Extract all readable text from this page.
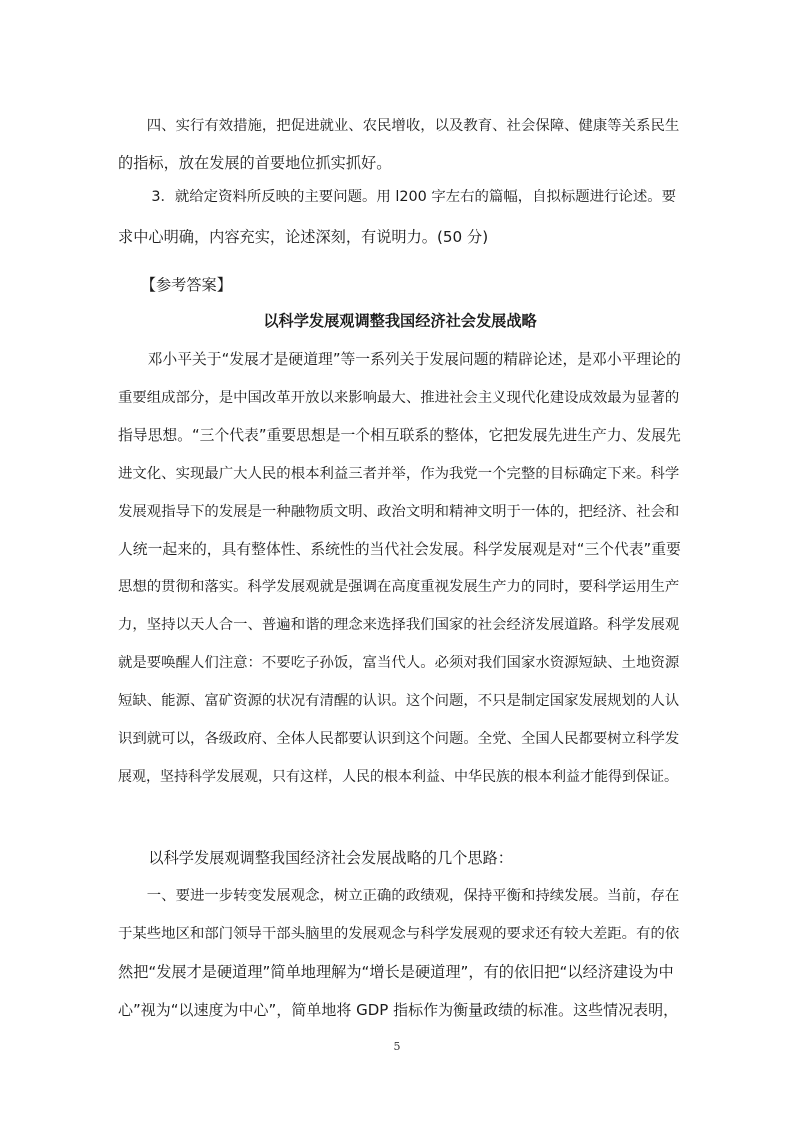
　　四、实行有效措施，把促进就业、农民增收，以及教育、社会保障、健康等关系民生
的指标，放在发展的首要地位抓实抓好。
　　 3．就给定资料所反映的主要问题。用 l200 字左右的篇幅，自拟标题进行论述。要
求中心明确，内容充实，论述深刻，有说明力。(50 分)
　　【参考答案】
以科学发展观调整我国经济社会发展战略
　　邓小平关于“发展才是硬道理”等一系列关于发展问题的精辟论述，是邓小平理论的
重要组成部分，是中国改革开放以来影响最大、推进社会主义现代化建设成效最为显著的
指导思想。“三个代表”重要思想是一个相互联系的整体，它把发展先进生产力、发展先
进文化、实现最广大人民的根本利益三者并举，作为我党一个完整的目标确定下来。科学
发展观指导下的发展是一种融物质文明、政治文明和精神文明于一体的，把经济、社会和
人统一起来的，具有整体性、系统性的当代社会发展。科学发展观是对“三个代表”重要
思想的贯彻和落实。科学发展观就是强调在高度重视发展生产力的同时，要科学运用生产
力，坚持以天人合一、普遍和谐的理念来选择我们国家的社会经济发展道路。科学发展观
就是要唤醒人们注意：不要吃子孙饭，富当代人。必须对我们国家水资源短缺、土地资源
短缺、能源、富矿资源的状况有清醒的认识。这个问题，不只是制定国家发展规划的人认
识到就可以，各级政府、全体人民都要认识到这个问题。全党、全国人民都要树立科学发
展观，坚持科学发展观，只有这样，人民的根本利益、中华民族的根本利益才能得到保证。
　　以科学发展观调整我国经济社会发展战略的几个思路：
　　一、要进一步转变发展观念，树立正确的政绩观，保持平衡和持续发展。当前，存在
于某些地区和部门领导干部头脑里的发展观念与科学发展观的要求还有较大差距。有的依
然把“发展才是硬道理”简单地理解为“增长是硬道理”，有的依旧把“以经济建设为中
心”视为“以速度为中心”，简单地将 GDP 指标作为衡量政绩的标准。这些情况表明，
5
